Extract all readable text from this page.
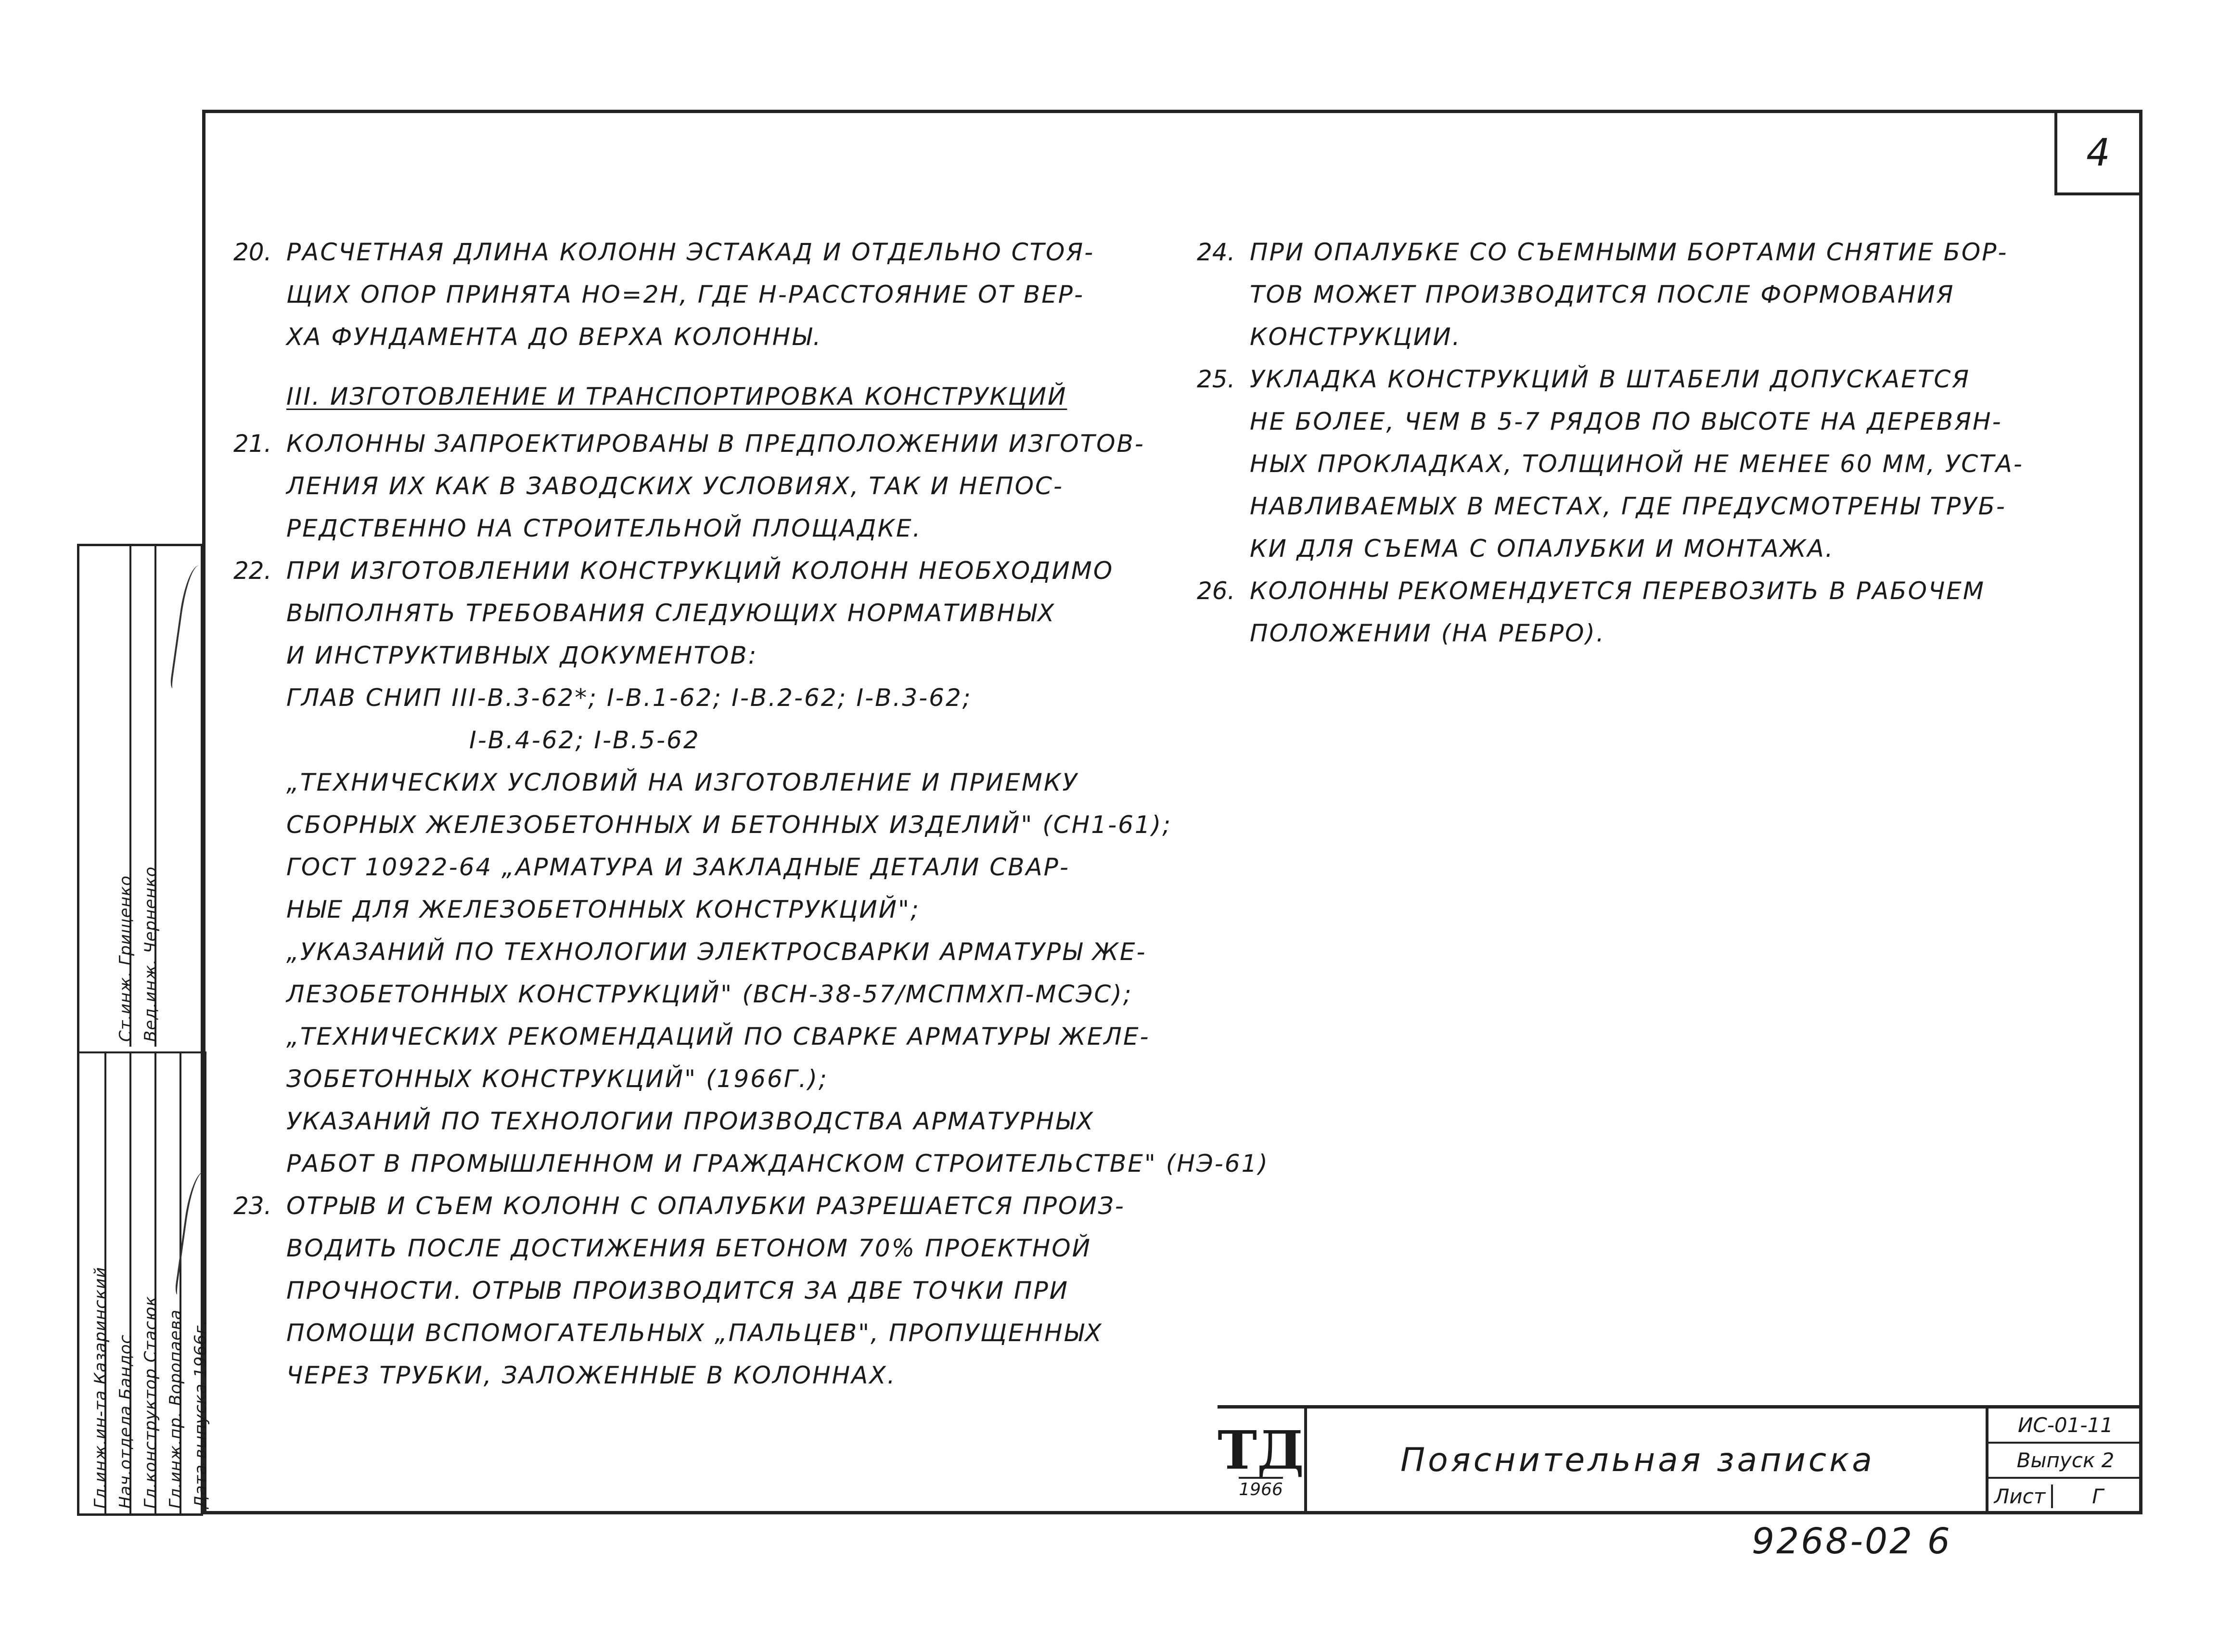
4
20. РАСЧЕТНАЯ ДЛИНА КОЛОНН ЭСТАКАД И ОТДЕЛЬНО СТОЯ-
ЩИХ ОПОР ПРИНЯТА НО=2Н, ГДЕ Н-РАССТОЯНИЕ ОТ ВЕР-
ХА ФУНДАМЕНТА ДО ВЕРХА КОЛОННЫ.
III. ИЗГОТОВЛЕНИЕ И ТРАНСПОРТИРОВКА КОНСТРУКЦИЙ
21. КОЛОННЫ ЗАПРОЕКТИРОВАНЫ В ПРЕДПОЛОЖЕНИИ ИЗГОТОВ-
ЛЕНИЯ ИХ КАК В ЗАВОДСКИХ УСЛОВИЯХ, ТАК И НЕПОС-
РЕДСТВЕННО НА СТРОИТЕЛЬНОЙ ПЛОЩАДКЕ.
22. ПРИ ИЗГОТОВЛЕНИИ КОНСТРУКЦИЙ КОЛОНН НЕОБХОДИМО
ВЫПОЛНЯТЬ ТРЕБОВАНИЯ СЛЕДУЮЩИХ НОРМАТИВНЫХ
И ИНСТРУКТИВНЫХ ДОКУМЕНТОВ:
ГЛАВ СНИП III-В.3-62*; I-В.1-62; I-В.2-62; I-В.3-62;
I-В.4-62; I-В.5-62
„ТЕХНИЧЕСКИХ УСЛОВИЙ НА ИЗГОТОВЛЕНИЕ И ПРИЕМКУ
СБОРНЫХ ЖЕЛЕЗОБЕТОННЫХ И БЕТОННЫХ ИЗДЕЛИЙ" (СН1-61);
ГОСТ 10922-64 „АРМАТУРА И ЗАКЛАДНЫЕ ДЕТАЛИ СВАР-
НЫЕ ДЛЯ ЖЕЛЕЗОБЕТОННЫХ КОНСТРУКЦИЙ";
„УКАЗАНИЙ ПО ТЕХНОЛОГИИ ЭЛЕКТРОСВАРКИ АРМАТУРЫ ЖЕ-
ЛЕЗОБЕТОННЫХ КОНСТРУКЦИЙ" (ВСН-38-57/МСПМХП-МСЭС);
„ТЕХНИЧЕСКИХ РЕКОМЕНДАЦИЙ ПО СВАРКЕ АРМАТУРЫ ЖЕЛЕ-
ЗОБЕТОННЫХ КОНСТРУКЦИЙ" (1966Г.);
УКАЗАНИЙ ПО ТЕХНОЛОГИИ ПРОИЗВОДСТВА АРМАТУРНЫХ
РАБОТ В ПРОМЫШЛЕННОМ И ГРАЖДАНСКОМ СТРОИТЕЛЬСТВЕ" (НЭ-61)
23. ОТРЫВ И СЪЕМ КОЛОНН С ОПАЛУБКИ РАЗРЕШАЕТСЯ ПРОИЗ-
ВОДИТЬ ПОСЛЕ ДОСТИЖЕНИЯ БЕТОНОМ 70% ПРОЕКТНОЙ
ПРОЧНОСТИ. ОТРЫВ ПРОИЗВОДИТСЯ ЗА ДВЕ ТОЧКИ ПРИ
ПОМОЩИ ВСПОМОГАТЕЛЬНЫХ „ПАЛЬЦЕВ", ПРОПУЩЕННЫХ
ЧЕРЕЗ ТРУБКИ, ЗАЛОЖЕННЫЕ В КОЛОННАХ.
24. ПРИ ОПАЛУБКЕ СО СЪЕМНЫМИ БОРТАМИ СНЯТИЕ БОР-
ТОВ МОЖЕТ ПРОИЗВОДИТСЯ ПОСЛЕ ФОРМОВАНИЯ
КОНСТРУКЦИИ.
25. УКЛАДКА КОНСТРУКЦИЙ В ШТАБЕЛИ ДОПУСКАЕТСЯ
НЕ БОЛЕЕ, ЧЕМ В 5-7 РЯДОВ ПО ВЫСОТЕ НА ДЕРЕВЯН-
НЫХ ПРОКЛАДКАХ, ТОЛЩИНОЙ НЕ МЕНЕЕ 60 ММ, УСТА-
НАВЛИВАЕМЫХ В МЕСТАХ, ГДЕ ПРЕДУСМОТРЕНЫ ТРУБ-
КИ ДЛЯ СЪЕМА С ОПАЛУБКИ И МОНТАЖА.
26. КОЛОННЫ РЕКОМЕНДУЕТСЯ ПЕРЕВОЗИТЬ В РАБОЧЕМ
ПОЛОЖЕНИИ (НА РЕБРО).
Гл.инж.ин-та Казаринский Нач.отдела Бандос Гл.конструктор Стасюк Гл.инж.пр. Воропаева Дата выпуска 1966г.
Ст.инж. Грищенко Вед.инж. Черненко
ТД
1966
Пояснительная записка
ИС-01-11
Выпуск 2
Лист	Г
9268-02 6
